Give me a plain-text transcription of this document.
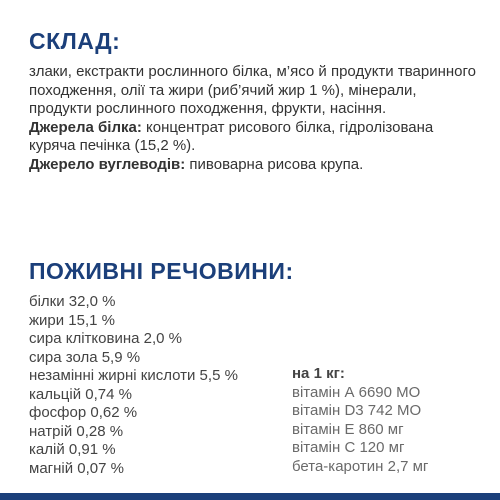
СКЛАД:

злаки, екстракти рослинного білка, м’ясо й продукти тваринного походження, олії та жири (риб’ячий жир 1 %), мінерали, продукти рослинного походження, фрукти, насіння.

Джерела білка: концентрат рисового білка, гідролізована куряча печінка (15,2 %).

Джерело вуглеводів: пивоварна рисова крупа.

ПОЖИВНІ РЕЧОВИНИ:
білки 32,0 %
жири 15,1 %
сира клітковина 2,0 %
сира зола 5,9 %
незамінні жирні кислоти 5,5 %
кальцій 0,74 %
фосфор 0,62 %
натрій 0,28 %
калій 0,91 %
магній 0,07 %
на 1 кг:
вітамін А 6690 МО
вітамін D3 742 МО
вітамін Е 860 мг
вітамін С 120 мг
бета-каротин 2,7 мг
